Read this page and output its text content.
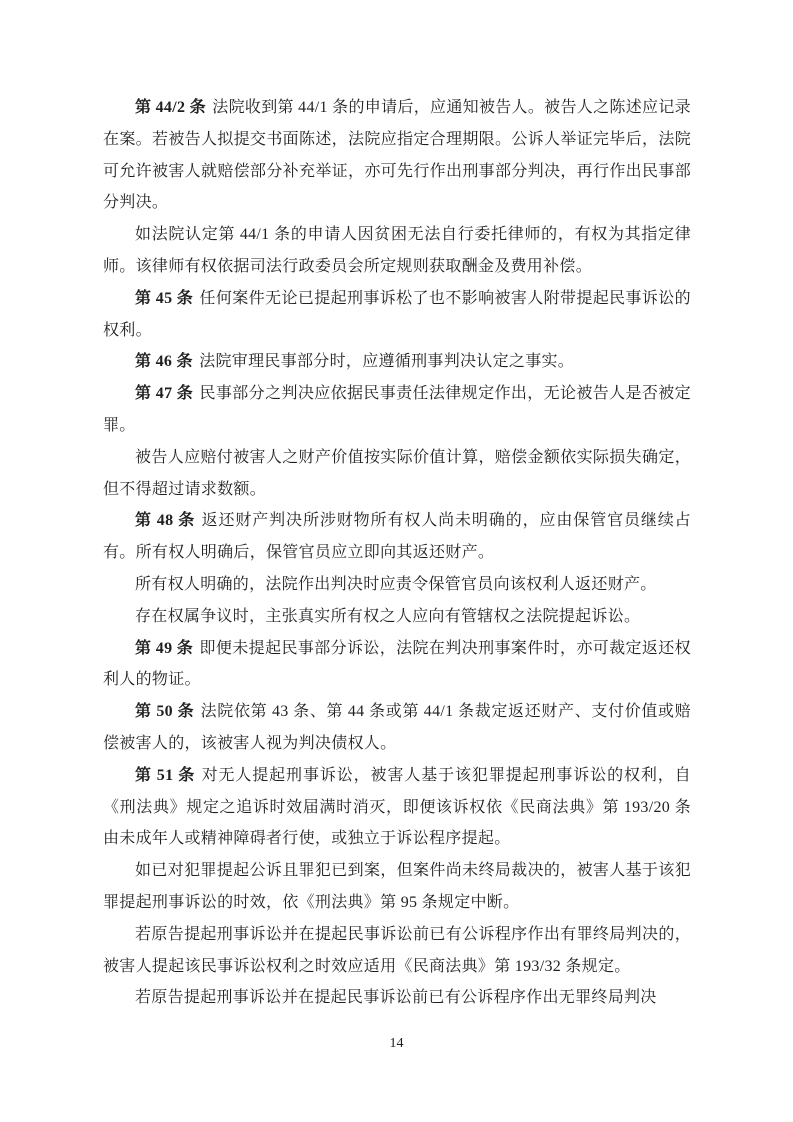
第 44/2 条 法院收到第 44/1 条的申请后，应通知被告人。被告人之陈述应记录在案。若被告人拟提交书面陈述，法院应指定合理期限。公诉人举证完毕后，法院可允许被害人就赔偿部分补充举证，亦可先行作出刑事部分判决，再行作出民事部分判决。

如法院认定第 44/1 条的申请人因贫困无法自行委托律师的，有权为其指定律师。该律师有权依据司法行政委员会所定规则获取酬金及费用补偿。

第 45 条 任何案件无论已提起刑事诉松了也不影响被害人附带提起民事诉讼的权利。

第 46 条 法院审理民事部分时，应遵循刑事判决认定之事实。

第 47 条 民事部分之判决应依据民事责任法律规定作出，无论被告人是否被定罪。

被告人应赔付被害人之财产价值按实际价值计算，赔偿金额依实际损失确定，但不得超过请求数额。

第 48 条 返还财产判决所涉财物所有权人尚未明确的，应由保管官员继续占有。所有权人明确后，保管官员应立即向其返还财产。

所有权人明确的，法院作出判决时应责令保管官员向该权利人返还财产。

存在权属争议时，主张真实所有权之人应向有管辖权之法院提起诉讼。

第 49 条 即便未提起民事部分诉讼，法院在判决刑事案件时，亦可裁定返还权利人的物证。

第 50 条 法院依第 43 条、第 44 条或第 44/1 条裁定返还财产、支付价值或赔偿被害人的，该被害人视为判决债权人。

第 51 条 对无人提起刑事诉讼，被害人基于该犯罪提起刑事诉讼的权利，自《刑法典》规定之追诉时效届满时消灭，即便该诉权依《民商法典》第 193/20 条由未成年人或精神障碍者行使，或独立于诉讼程序提起。

如已对犯罪提起公诉且罪犯已到案，但案件尚未终局裁决的，被害人基于该犯罪提起刑事诉讼的时效，依《刑法典》第 95 条规定中断。

若原告提起刑事诉讼并在提起民事诉讼前已有公诉程序作出有罪终局判决的，被害人提起该民事诉讼权利之时效应适用《民商法典》第 193/32 条规定。

若原告提起刑事诉讼并在提起民事诉讼前已有公诉程序作出无罪终局判决

14
